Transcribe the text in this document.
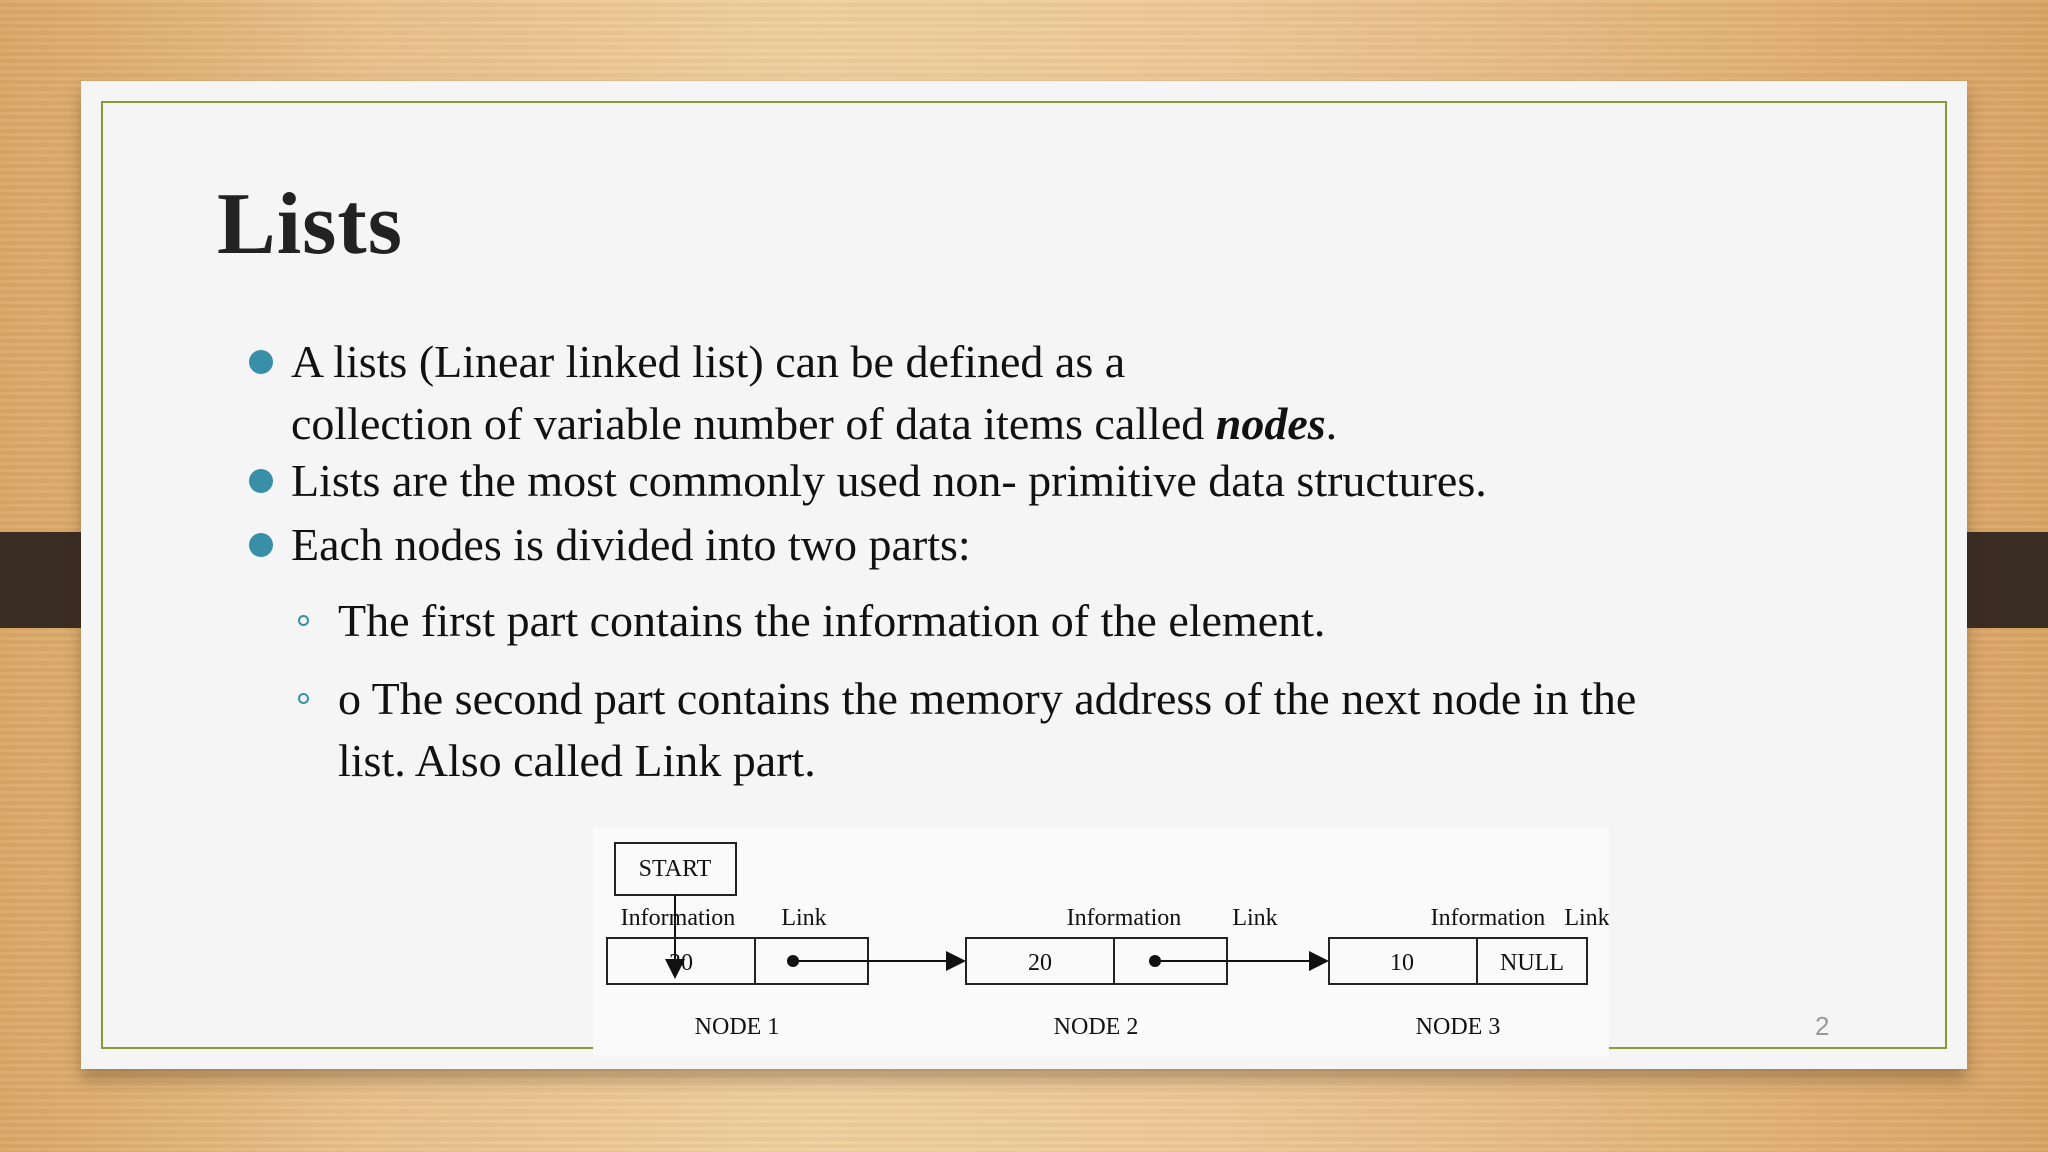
Lists
A lists (Linear linked list) can be defined as a
collection of variable number of data items called nodes.
Lists are the most commonly used non- primitive data structures.
Each nodes is divided into two parts:
The first part contains the information of the element.
o The second part contains the memory address of the next node in the
list. Also called Link part.
START
Information Link
30
NODE 1
Information Link
20
NODE 2
Information Link
10	NULL
NODE 3	2
